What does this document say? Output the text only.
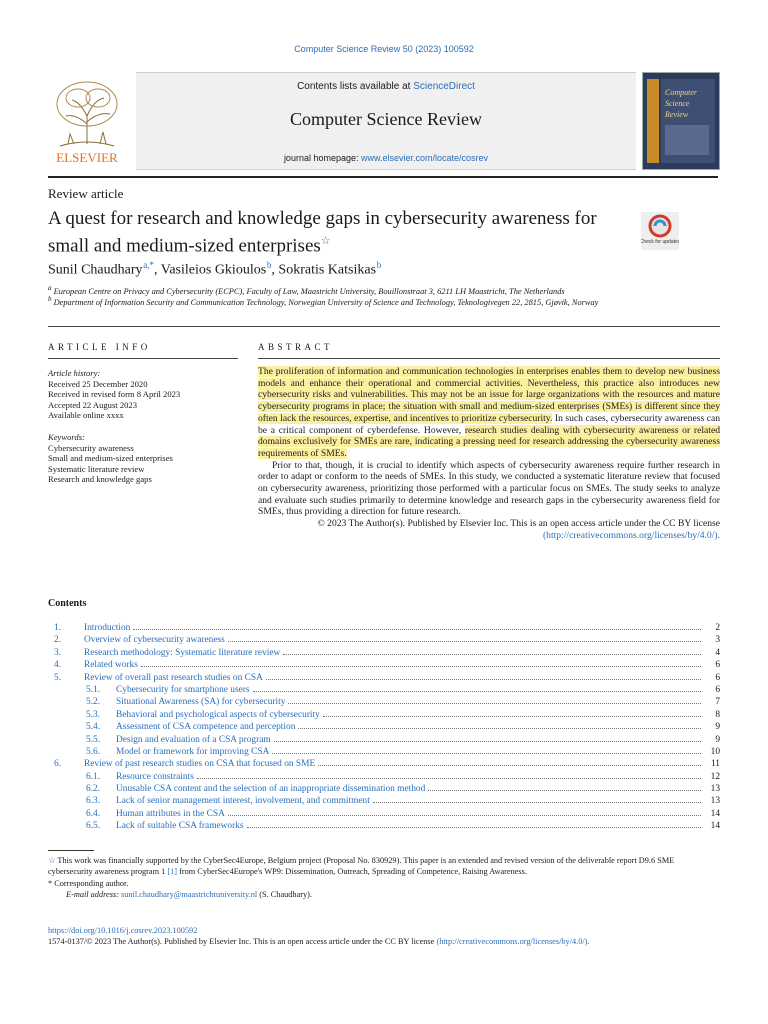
Computer Science Review 50 (2023) 100592
ELSEVIER
Contents lists available at ScienceDirect
Computer Science Review
journal homepage: www.elsevier.com/locate/cosrev
Computer
Science
Review
Review article
A quest for research and knowledge gaps in cybersecurity awareness for small and medium-sized enterprises☆	Check for updates
Sunil Chaudhary $^{a,*}$, Vasileios Gkioulos $^b$, Sokratis Katsikas $^b$
$^a$ European Centre on Privacy and Cybersecurity (ECPC), Faculty of Law, Maastricht University, Bouillonstraat 3, 6211 LH Maastricht, The Netherlands
$^b$ Department of Information Security and Communication Technology, Norwegian University of Science and Technology, Teknologivegen 22, 2815, Gjøvik, Norway
ARTICLE INFO
Article history:
Received 25 December 2020
Received in revised form 8 April 2023
Accepted 22 August 2023
Available online xxxx
Keywords:
Cybersecurity awareness
Small and medium-sized enterprises
Systematic literature review
Research and knowledge gaps
ABSTRACT

The proliferation of information and communication technologies in enterprises enables them to develop new business models and enhance their operational and commercial activities. Nevertheless, this practice also introduces new cybersecurity risks and vulnerabilities. This may not be an issue for large organizations with the resources and mature cybersecurity programs in place; the situation with small and medium-sized enterprises (SMEs) is different since they often lack the resources, expertise, and incentives to prioritize cybersecurity. In such cases, cybersecurity awareness can be a critical component of cyberdefense. However, research studies dealing with cybersecurity awareness or related domains exclusively for SMEs are rare, indicating a pressing need for research addressing the cybersecurity awareness requirements of SMEs.

Prior to that, though, it is crucial to identify which aspects of cybersecurity awareness require further research in order to adapt or conform to the needs of SMEs. In this study, we conducted a systematic literature review that focused on cybersecurity awareness, prioritizing those performed with a particular focus on SMEs. The study seeks to analyze and evaluate such studies primarily to determine knowledge and research gaps in the cybersecurity awareness field for SMEs, thus providing a direction for future research.

© 2023 The Author(s). Published by Elsevier Inc. This is an open access article under the CC BY license
(http://creativecommons.org/licenses/by/4.0/).

Contents
1.	Introduction	2
2.	Overview of cybersecurity awareness	3
3.	Research methodology: Systematic literature review	4
4.	Related works	6
5.	Review of overall past research studies on CSA	6
5.1.	Cybersecurity for smartphone users	6
5.2.	Situational Awareness (SA) for cybersecurity	7
5.3.	Behavioral and psychological aspects of cybersecurity	8
5.4.	Assessment of CSA competence and perception	9
5.5.	Design and evaluation of a CSA program	9
5.6.	Model or framework for improving CSA	10
6.	Review of past research studies on CSA that focused on SME	11
6.1.	Resource constraints	12
6.2.	Unusable CSA content and the selection of an inappropriate dissemination method	13
6.3.	Lack of senior management interest, involvement, and commitment	13
6.4.	Human attributes in the CSA	14
6.5.	Lack of suitable CSA frameworks	14

☆ This work was financially supported by the CyberSec4Europe, Belgium project (Proposal No. 830929). This paper is an extended and revised version of the deliverable report D9.6 SME cybersecurity awareness program 1 [1] from CyberSec4Europe's WP9: Dissemination, Outreach, Spreading of Competence, Raising Awareness.

* Corresponding author.

E-mail address: sunil.chaudhary@maastrichtuniversity.nl (S. Chaudhary).

https://doi.org/10.1016/j.cosrev.2023.100592
1574-0137/© 2023 The Author(s). Published by Elsevier Inc. This is an open access article under the CC BY license (http://creativecommons.org/licenses/by/4.0/).
